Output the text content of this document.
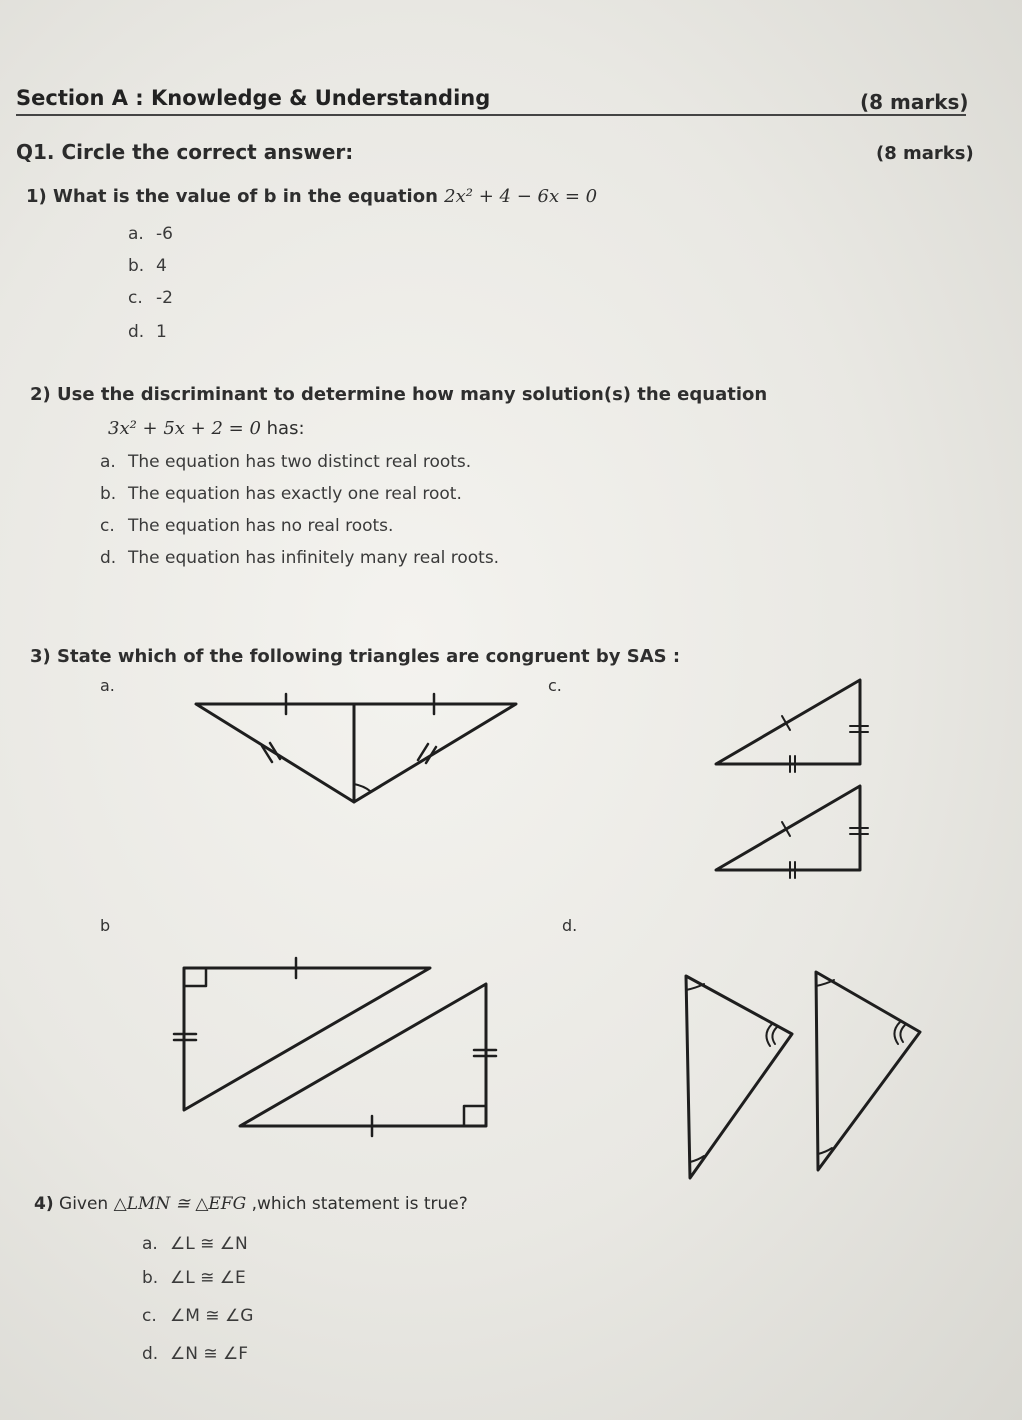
Section A : Knowledge & Understanding	(8 marks)
Q1. Circle the correct answer:	(8 marks)
1) What is the value of b in the equation 2x² + 4 − 6x = 0
a. -6
b. 4
c. -2
d. 1
2) Use the discriminant to determine how many solution(s) the equation
3x² + 5x + 2 = 0 has:
a. The equation has two distinct real roots.
b. The equation has exactly one real root.
c. The equation has no real roots.
d. The equation has infinitely many real roots.
3) State which of the following triangles are congruent by SAS :
a.	c.
b	d.
4) Given △LMN ≅ △EFG ,which statement is true?
a. ∠L ≅ ∠N
b. ∠L ≅ ∠E
c. ∠M ≅ ∠G
d. ∠N ≅ ∠F
